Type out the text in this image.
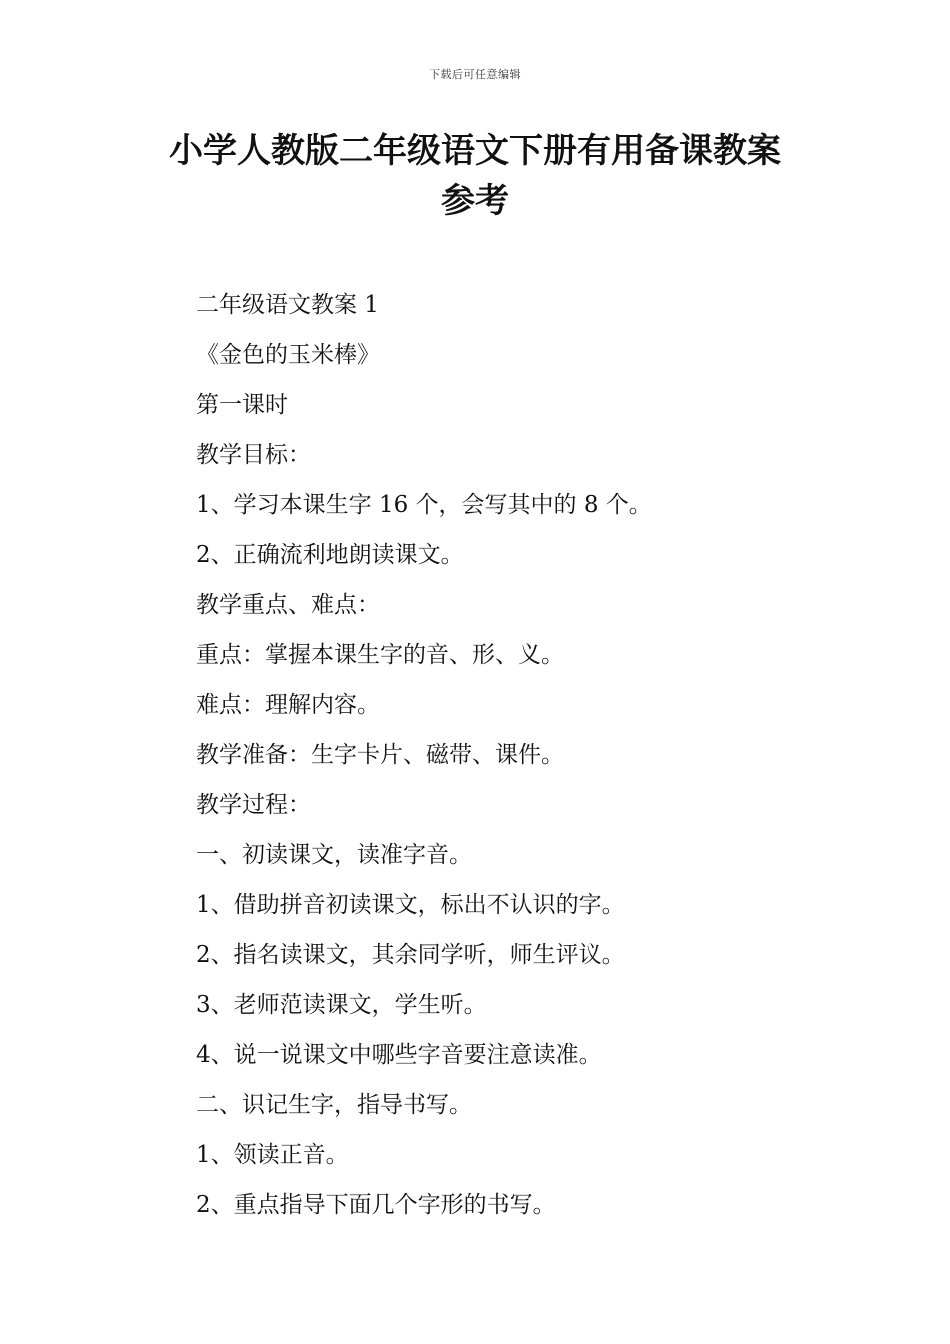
下载后可任意编辑
小学人教版二年级语文下册有用备课教案
参考
二年级语文教案 1
《金色的玉米棒》
第一课时
教学目标：
1、学习本课生字 16 个，会写其中的 8 个。
2、正确流利地朗读课文。
教学重点、难点：
重点：掌握本课生字的音、形、义。
难点：理解内容。
教学准备：生字卡片、磁带、课件。
教学过程：
一、初读课文，读准字音。
1、借助拼音初读课文，标出不认识的字。
2、指名读课文，其余同学听，师生评议。
3、老师范读课文，学生听。
4、说一说课文中哪些字音要注意读准。
二、识记生字，指导书写。
1、领读正音。
2、重点指导下面几个字形的书写。
